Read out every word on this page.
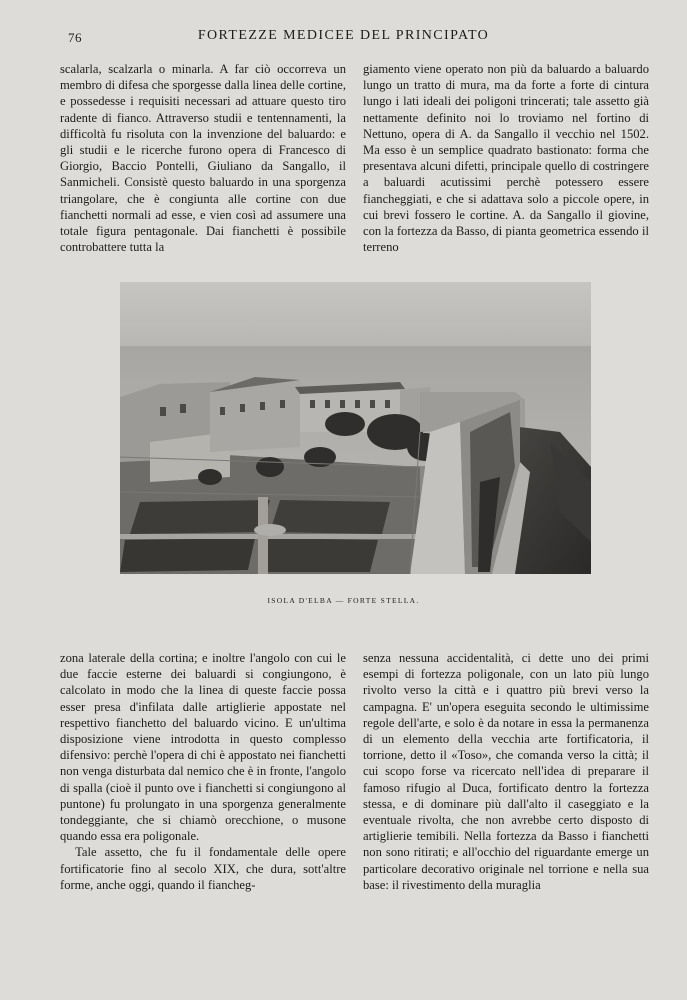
76	FORTEZZE MEDICEE DEL PRINCIPATO

scalarla, scalzarla o minarla. A far ciò occorreva un membro di difesa che sporgesse dalla linea delle cortine, e possedesse i requisiti necessari ad attuare questo tiro radente di fianco. Attraverso studii e tentennamenti, la difficoltà fu risoluta con la invenzione del baluardo: e gli studii e le ricerche furono opera di Francesco di Giorgio, Baccio Pontelli, Giuliano da Sangallo, il Sanmicheli. Consistè questo baluardo in una sporgenza triangolare, che è congiunta alle cortine con due fianchetti normali ad esse, e vien così ad assumere una totale figura pentagonale. Dai fianchetti è possibile controbattere tutta la

giamento viene operato non più da baluardo a baluardo lungo un tratto di mura, ma da forte a forte di cintura lungo i lati ideali dei poligoni trincerati; tale assetto già nettamente definito noi lo troviamo nel fortino di Nettuno, opera di A. da Sangallo il vecchio nel 1502. Ma esso è un semplice quadrato bastionato: forma che presentava alcuni difetti, principale quello di costringere a baluardi acutissimi perchè potessero essere fiancheggiati, e che si adattava solo a piccole opere, in cui brevi fossero le cortine. A. da Sangallo il giovine, con la fortezza da Basso, di pianta geometrica essendo il terreno

ISOLA D'ELBA — FORTE STELLA.

zona laterale della cortina; e inoltre l'angolo con cui le due faccie esterne dei baluardi si congiungono, è calcolato in modo che la linea di queste faccie possa esser presa d'infilata dalle artiglierie appostate nel respettivo fianchetto del baluardo vicino. E un'ultima disposizione viene introdotta in questo complesso difensivo: perchè l'opera di chi è appostato nei fianchetti non venga disturbata dal nemico che è in fronte, l'angolo di spalla (cioè il punto ove i fianchetti si congiungono al puntone) fu prolungato in una sporgenza generalmente tondeggiante, che si chiamò orecchione, o musone quando essa era poligonale.

Tale assetto, che fu il fondamentale delle opere fortificatorie fino al secolo XIX, che dura, sott'altre forme, anche oggi, quando il fiancheg-

senza nessuna accidentalità, ci dette uno dei primi esempi di fortezza poligonale, con un lato più lungo rivolto verso la città e i quattro più brevi verso la campagna. E' un'opera eseguita secondo le ultimissime regole dell'arte, e solo è da notare in essa la permanenza di un elemento della vecchia arte fortificatoria, il torrione, detto il «Toso», che comanda verso la città; il cui scopo forse va ricercato nell'idea di preparare il famoso rifugio al Duca, fortificato dentro la fortezza stessa, e di dominare più dall'alto il caseggiato e la eventuale rivolta, che non avrebbe certo disposto di artiglierie temibili. Nella fortezza da Basso i fianchetti non sono ritirati; e all'occhio del riguardante emerge un particolare decorativo originale nel torrione e nella sua base: il rivestimento della muraglia
